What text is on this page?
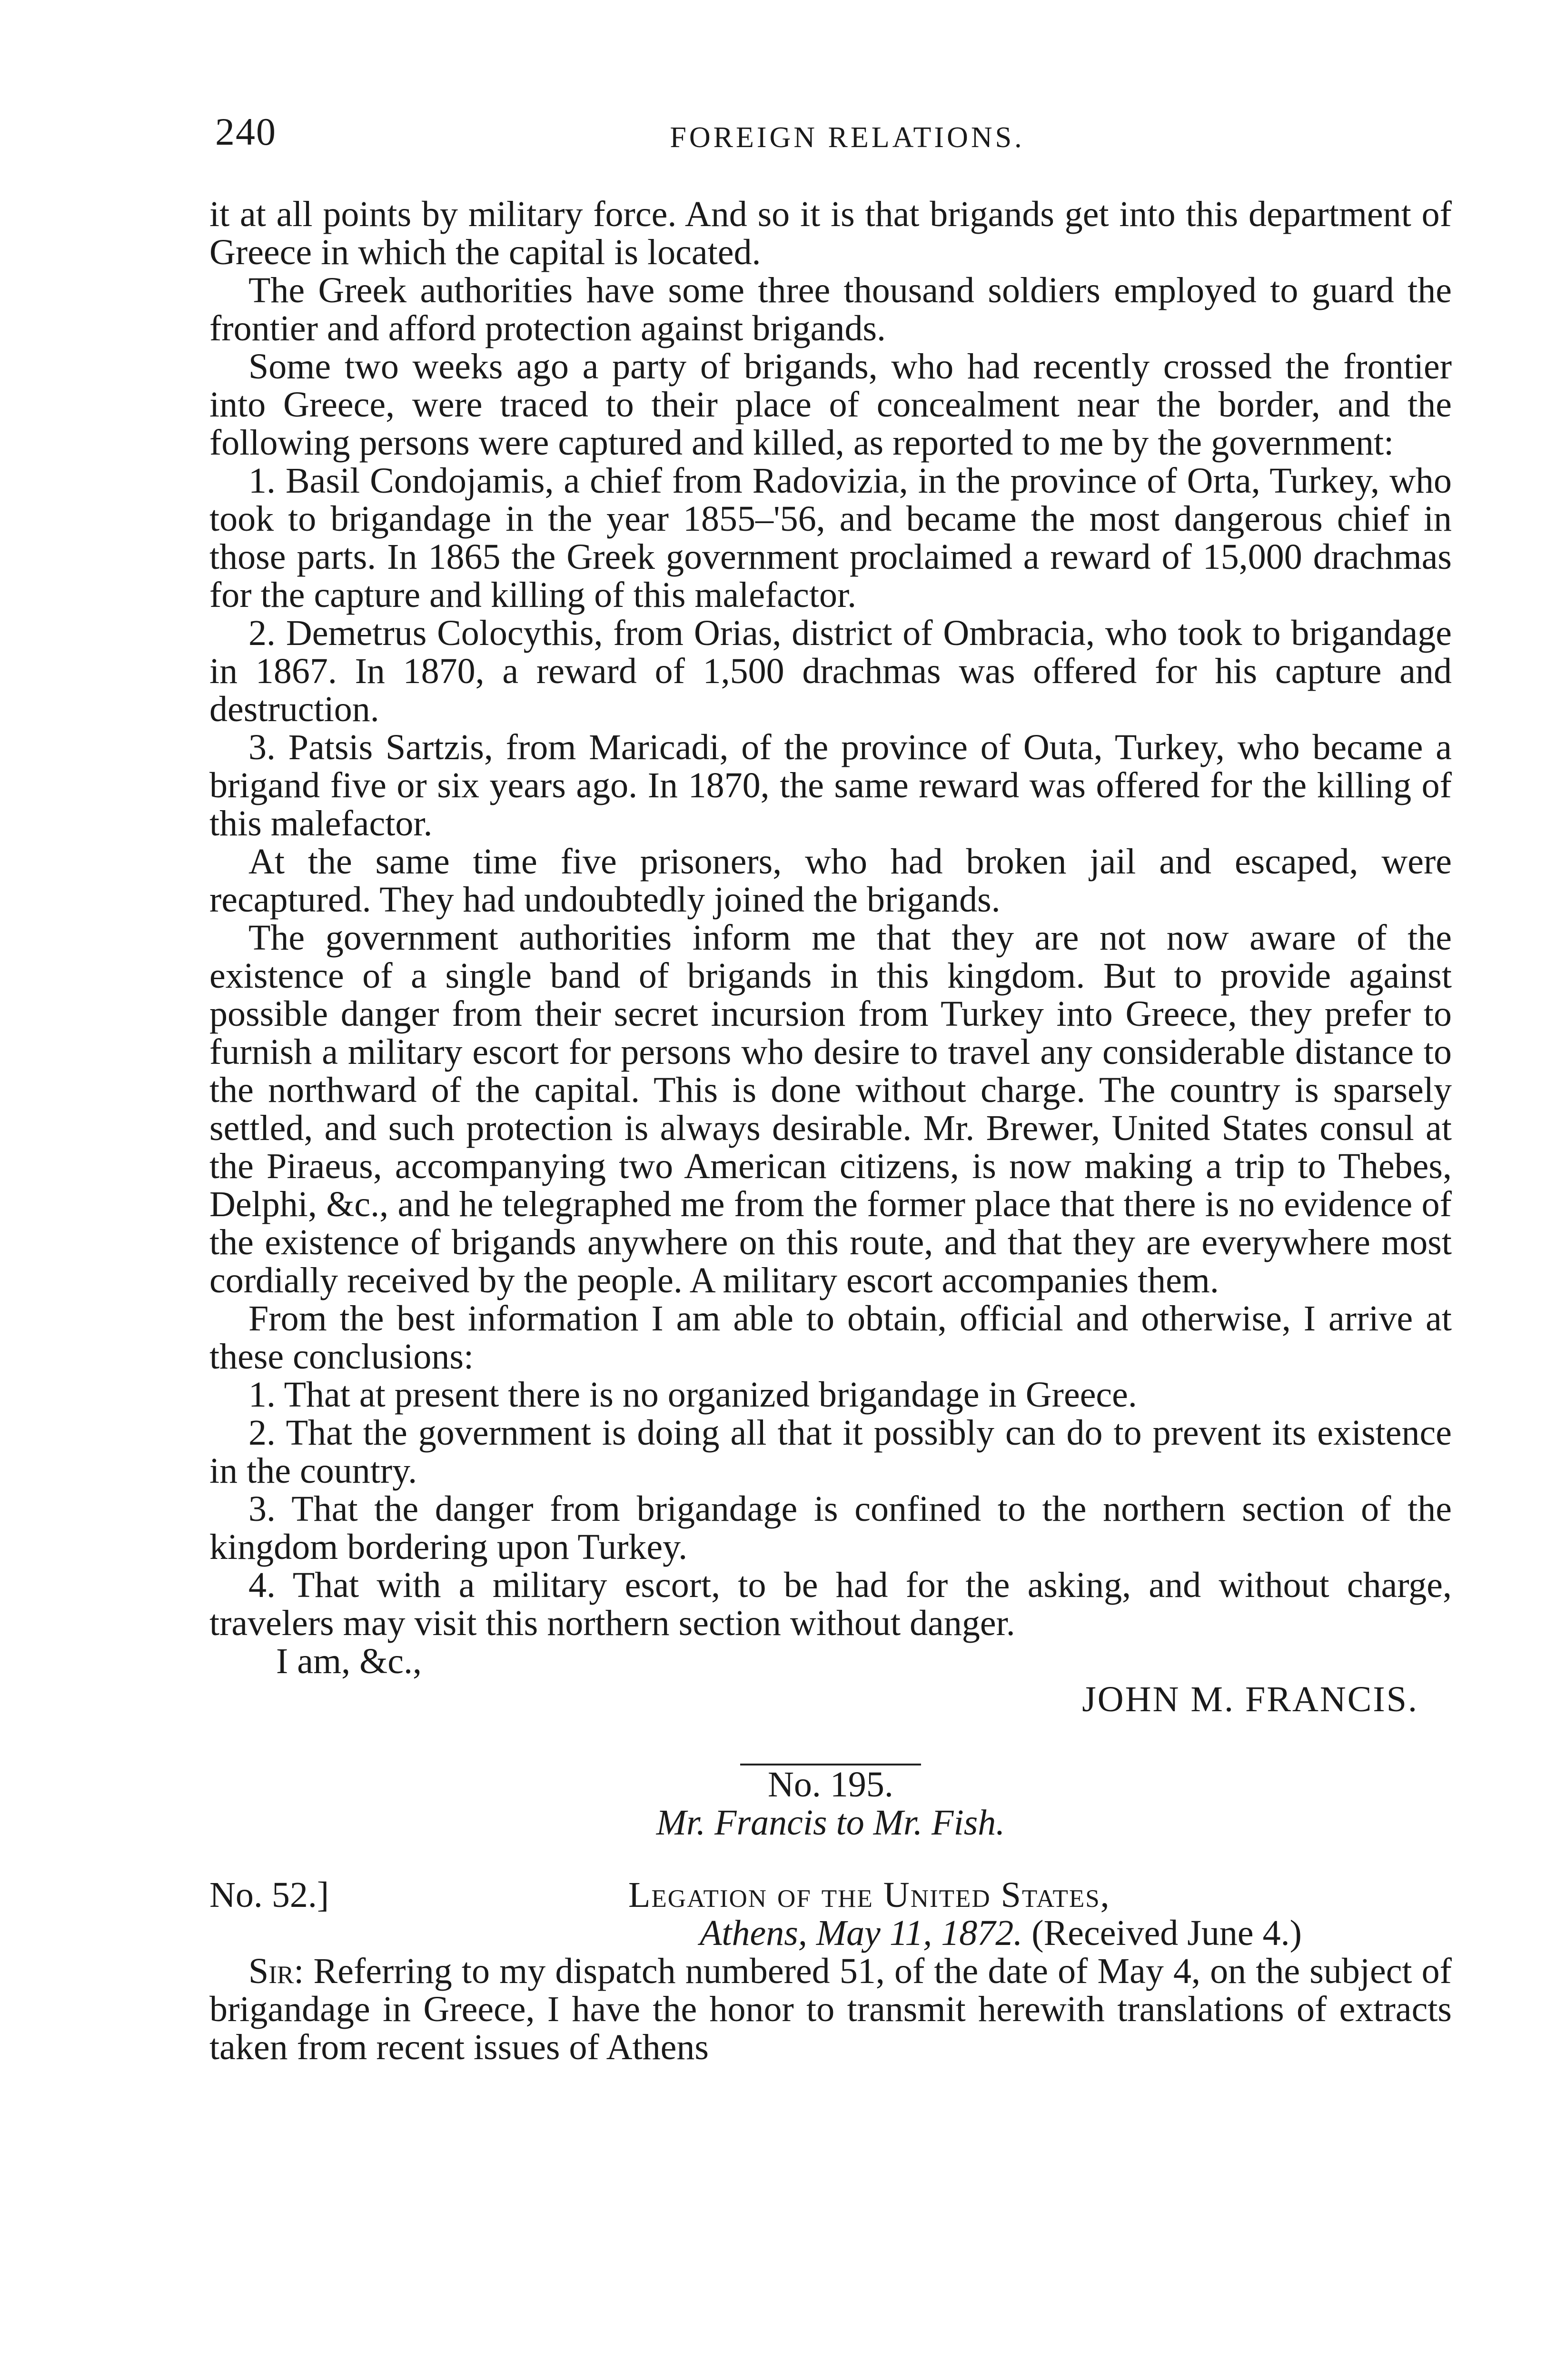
240	FOREIGN RELATIONS.

it at all points by military force. And so it is that brigands get into this department of Greece in which the capital is located.

The Greek authorities have some three thousand soldiers employed to guard the frontier and afford protection against brigands.

Some two weeks ago a party of brigands, who had recently crossed the frontier into Greece, were traced to their place of concealment near the border, and the following persons were captured and killed, as reported to me by the government:

1. Basil Condojamis, a chief from Radovizia, in the province of Orta, Turkey, who took to brigandage in the year 1855–'56, and became the most dangerous chief in those parts. In 1865 the Greek government proclaimed a reward of 15,000 drachmas for the capture and killing of this malefactor.

2. Demetrus Colocythis, from Orias, district of Ombracia, who took to brigandage in 1867. In 1870, a reward of 1,500 drachmas was offered for his capture and destruction.

3. Patsis Sartzis, from Maricadi, of the province of Outa, Turkey, who became a brigand five or six years ago. In 1870, the same reward was offered for the killing of this malefactor.

At the same time five prisoners, who had broken jail and escaped, were recaptured. They had undoubtedly joined the brigands.

The government authorities inform me that they are not now aware of the existence of a single band of brigands in this kingdom. But to provide against possible danger from their secret incursion from Turkey into Greece, they prefer to furnish a military escort for persons who desire to travel any considerable distance to the northward of the capital. This is done without charge. The country is sparsely settled, and such protection is always desirable. Mr. Brewer, United States consul at the Piraeus, accompanying two American citizens, is now making a trip to Thebes, Delphi, &c., and he telegraphed me from the former place that there is no evidence of the existence of brigands anywhere on this route, and that they are everywhere most cordially received by the people. A military escort accompanies them.

From the best information I am able to obtain, official and otherwise, I arrive at these conclusions:

1. That at present there is no organized brigandage in Greece.

2. That the government is doing all that it possibly can do to prevent its existence in the country.

3. That the danger from brigandage is confined to the northern section of the kingdom bordering upon Turkey.

4. That with a military escort, to be had for the asking, and without charge, travelers may visit this northern section without danger.

I am, &c.,

JOHN M. FRANCIS.

No. 195.

Mr. Francis to Mr. Fish.

No. 52.]	Legation of the United States,

Athens, May 11, 1872. (Received June 4.)

Sir: Referring to my dispatch numbered 51, of the date of May 4, on the subject of brigandage in Greece, I have the honor to transmit herewith translations of extracts taken from recent issues of Athens
